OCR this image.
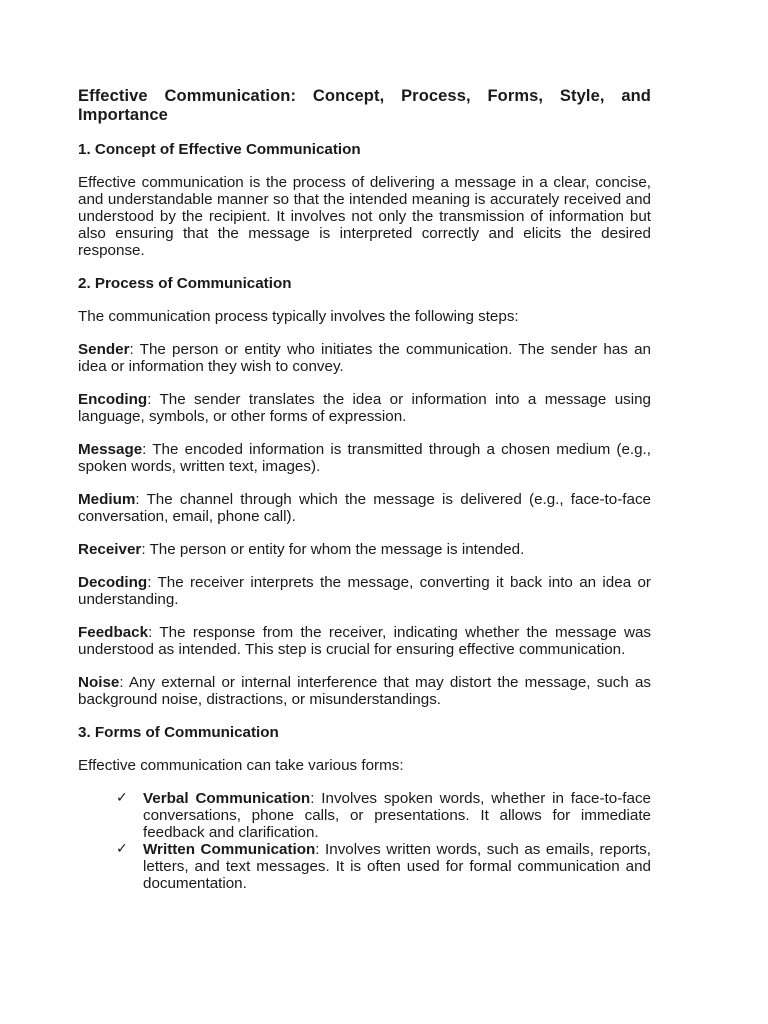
Effective Communication: Concept, Process, Forms, Style, and Importance
1. Concept of Effective Communication

Effective communication is the process of delivering a message in a clear, concise, and understandable manner so that the intended meaning is accurately received and understood by the recipient. It involves not only the transmission of information but also ensuring that the message is interpreted correctly and elicits the desired response.

2. Process of Communication

The communication process typically involves the following steps:

Sender: The person or entity who initiates the communication. The sender has an idea or information they wish to convey.

Encoding: The sender translates the idea or information into a message using language, symbols, or other forms of expression.

Message: The encoded information is transmitted through a chosen medium (e.g., spoken words, written text, images).

Medium: The channel through which the message is delivered (e.g., face-to-face conversation, email, phone call).

Receiver: The person or entity for whom the message is intended.

Decoding: The receiver interprets the message, converting it back into an idea or understanding.

Feedback: The response from the receiver, indicating whether the message was understood as intended. This step is crucial for ensuring effective communication.

Noise: Any external or internal interference that may distort the message, such as background noise, distractions, or misunderstandings.

3. Forms of Communication

Effective communication can take various forms:

✓ Verbal Communication: Involves spoken words, whether in face-to-face conversations, phone calls, or presentations. It allows for immediate feedback and clarification.
✓ Written Communication: Involves written words, such as emails, reports, letters, and text messages. It is often used for formal communication and documentation.
